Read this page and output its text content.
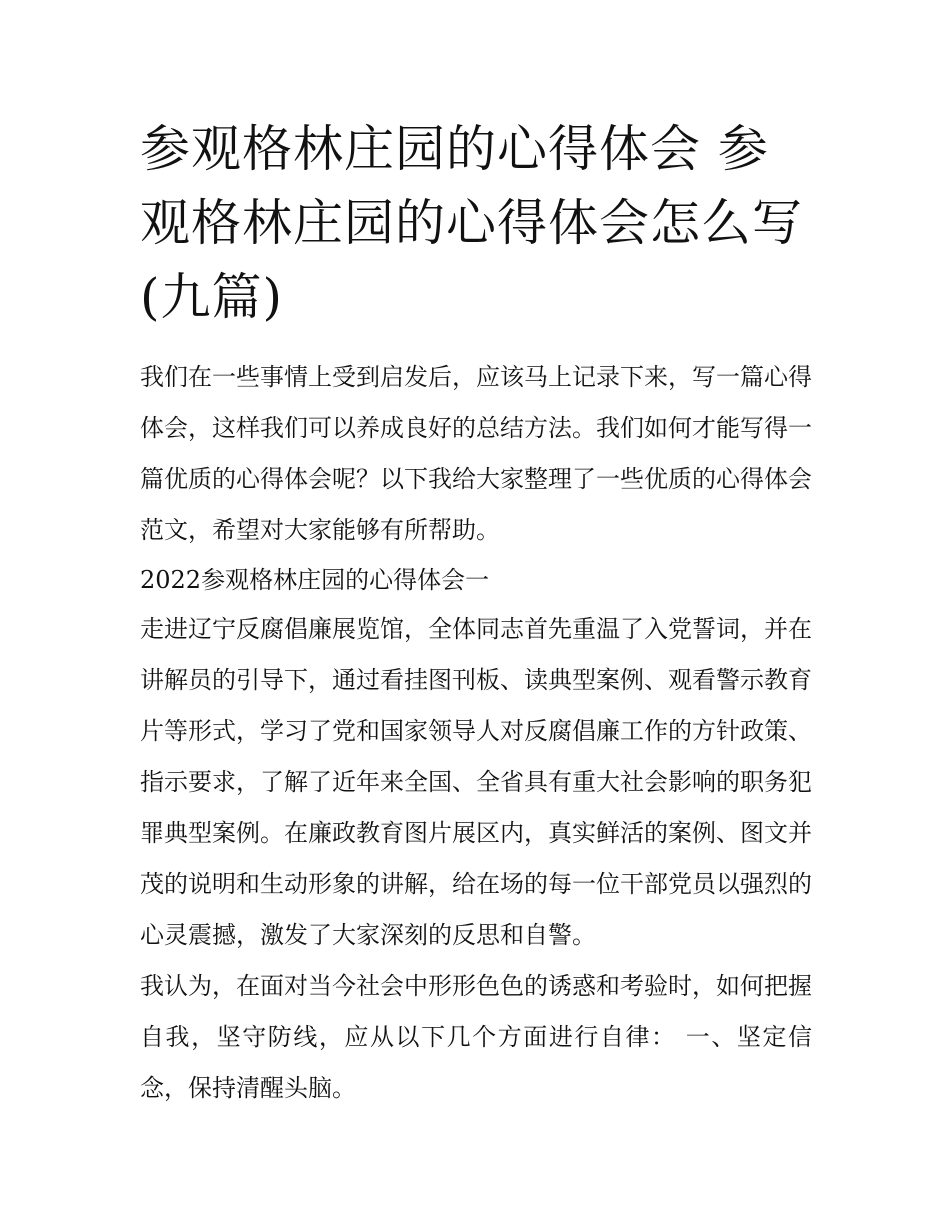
参观格林庄园的心得体会 参观格林庄园的心得体会怎么写(九篇)

我们在一些事情上受到启发后，应该马上记录下来，写一篇心得体会，这样我们可以养成良好的总结方法。我们如何才能写得一篇优质的心得体会呢？以下我给大家整理了一些优质的心得体会范文，希望对大家能够有所帮助。

2022参观格林庄园的心得体会一

走进辽宁反腐倡廉展览馆，全体同志首先重温了入党誓词，并在讲解员的引导下，通过看挂图刊板、读典型案例、观看警示教育片等形式，学习了党和国家领导人对反腐倡廉工作的方针政策、指示要求，了解了近年来全国、全省具有重大社会影响的职务犯罪典型案例。在廉政教育图片展区内，真实鲜活的案例、图文并茂的说明和生动形象的讲解，给在场的每一位干部党员以强烈的心灵震撼，激发了大家深刻的反思和自警。

我认为，在面对当今社会中形形色色的诱惑和考验时，如何把握自我，坚守防线，应从以下几个方面进行自律： 一、坚定信念，保持清醒头脑。
